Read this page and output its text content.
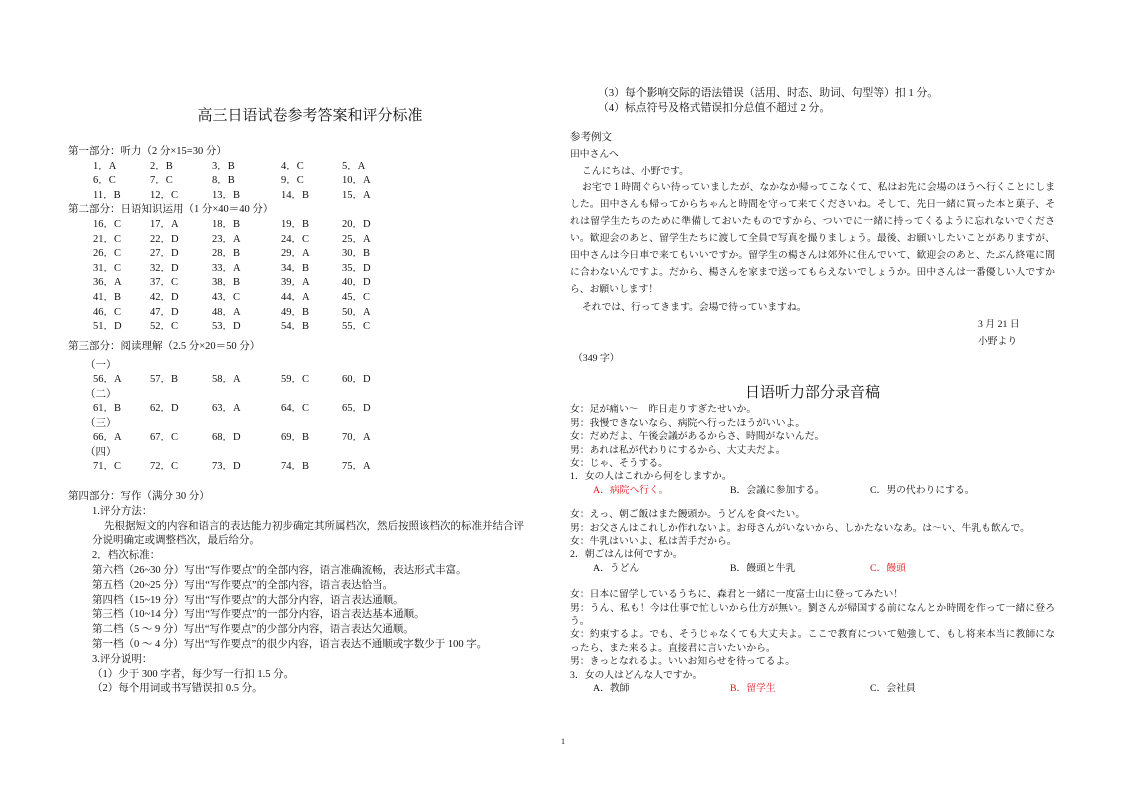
高三日语试卷参考答案和评分标准
第一部分：听力（2 分×15=30 分）
1．A	2．B	3．B	4．C	5．A
6．C	7．C	8．B	9．C	10．A
11．B	12．C	13．B	14．B	15．A
第二部分：日语知识运用（1 分×40＝40 分）
16．C	17．A	18．B	19．B	20．D
21．C	22．D	23．A	24．C	25．A
26．C	27．D	28．B	29．A	30．B
31．C	32．D	33．A	34．B	35．D
36．A	37．C	38．B	39．A	40．D
41．B	42．D	43．C	44．A	45．C
46．C	47．D	48．A	49．B	50．A
51．D	52．C	53．D	54．B	55．C
第三部分：阅读理解（2.5 分×20＝50 分）
（一）
56．A	57．B	58．A	59．C	60．D
（二）
61．B	62．D	63．A	64．C	65．D
（三）
66．A	67．C	68．D	69．B	70．A
（四）
71．C	72．C	73．D	74．B	75．A
第四部分：写作（满分 30 分）
1.评分方法：
先根据短文的内容和语言的表达能力初步确定其所属档次，然后按照该档次的标准并结合评分说明确定或调整档次，最后给分。
2．档次标准：
第六档（26~30 分）写出“写作要点”的全部内容，语言准确流畅，表达形式丰富。
第五档（20~25 分）写出“写作要点”的全部内容，语言表达恰当。
第四档（15~19 分）写出“写作要点”的大部分内容，语言表达通顺。
第三档（10~14 分）写出“写作要点”的一部分内容，语言表达基本通顺。
第二档（5 ～ 9 分）写出“写作要点”的少部分内容，语言表达欠通顺。
第一档（0 ～ 4 分）写出“写作要点”的很少内容，语言表达不通顺或字数少于 100 字。
3.评分说明：
（1）少于 300 字者，每少写一行扣 1.5 分。
（2）每个用词或书写错误扣 0.5 分。
（3）每个影响交际的语法错误（活用、时态、助词、句型等）扣 1 分。
（4）标点符号及格式错误扣分总值不超过 2 分。
参考例文
田中さんへ
こんにちは、小野です。
お宅で１時間ぐらい待っていましたが、なかなか帰ってこなくて、私はお先に会場のほうへ行くことにしました。田中さんも帰ってからちゃんと時間を守って来てくださいね。そして、先日一緒に買った本と菓子、それは留学生たちのために準備しておいたものですから、ついでに一緒に持ってくるように忘れないでください。歓迎会のあと、留学生たちに渡して全員で写真を撮りましょう。最後、お願いしたいことがありますが、田中さんは今日車で来てもいいですか。留学生の楊さんは郊外に住んでいて、歓迎会のあと、たぶん終電に間に合わないんですよ。だから、楊さんを家まで送ってもらえないでしょうか。田中さんは一番優しい人ですから、お願いします！
それでは、行ってきます。会場で待っていますね。
3 月 21 日
小野より
（349 字）
日语听力部分录音稿
女：足が痛い～　昨日走りすぎたせいか。
男：我慢できないなら、病院へ行ったほうがいいよ。
女：だめだよ、午後会議があるからさ、時間がないんだ。
男：あれは私が代わりにするから、大丈夫だよ。
女：じゃ、そうする。
1．女の人はこれから何をしますか。
A．病院へ行く。	B．会議に参加する。	C．男の代わりにする。
女：えっ、朝ご飯はまた饅頭か。うどんを食べたい。
男：お父さんはこれしか作れないよ。お母さんがいないから、しかたないなあ。は～い、牛乳も飲んで。
女：牛乳はいいよ、私は苦手だから。
2．朝ごはんは何ですか。
A．うどん	B．饅頭と牛乳	C．饅頭
女：日本に留学しているうちに、森君と一緒に一度富士山に登ってみたい！
男：うん、私も！今は仕事で忙しいから仕方が無い。劉さんが帰国する前になんとか時間を作って一緒に登ろう。
女：約束するよ。でも、そうじゃなくても大丈夫よ。ここで教育について勉強して、もし将来本当に教師になったら、また来るよ。直接君に言いたいから。
男：きっとなれるよ。いいお知らせを待ってるよ。
3．女の人はどんな人ですか。
A．教師	B．留学生	C．会社員
1
